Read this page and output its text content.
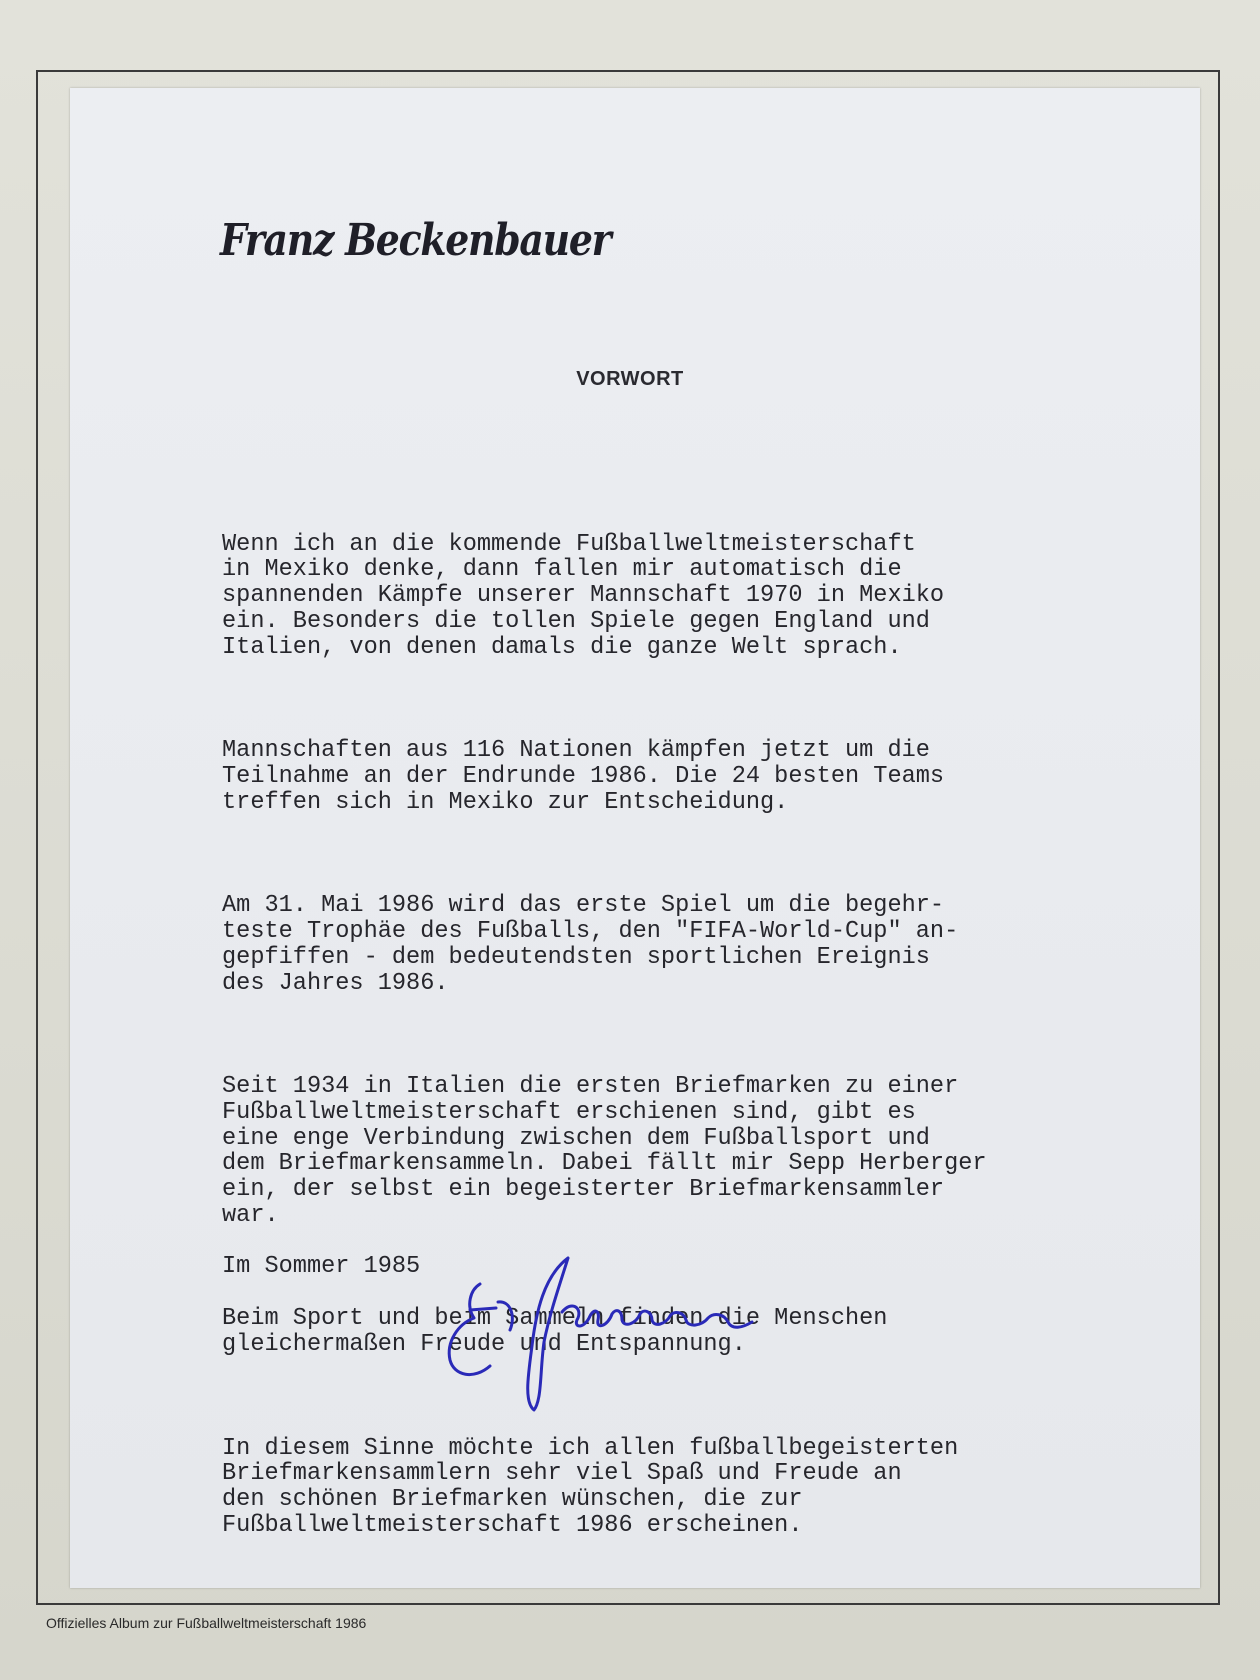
Franz Beckenbauer
VORWORT

Wenn ich an die kommende Fußballweltmeisterschaft
in Mexiko denke, dann fallen mir automatisch die
spannenden Kämpfe unserer Mannschaft 1970 in Mexiko
ein. Besonders die tollen Spiele gegen England und
Italien, von denen damals die ganze Welt sprach.

Mannschaften aus 116 Nationen kämpfen jetzt um die
Teilnahme an der Endrunde 1986. Die 24 besten Teams
treffen sich in Mexiko zur Entscheidung.

Am 31. Mai 1986 wird das erste Spiel um die begehr-
teste Trophäe des Fußballs, den "FIFA-World-Cup" an-
gepfiffen - dem bedeutendsten sportlichen Ereignis
des Jahres 1986.

Seit 1934 in Italien die ersten Briefmarken zu einer
Fußballweltmeisterschaft erschienen sind, gibt es
eine enge Verbindung zwischen dem Fußballsport und
dem Briefmarkensammeln. Dabei fällt mir Sepp Herberger
ein, der selbst ein begeisterter Briefmarkensammler
war.

Beim Sport und beim Sammeln finden die Menschen
gleichermaßen Freude und Entspannung.

In diesem Sinne möchte ich allen fußballbegeisterten
Briefmarkensammlern sehr viel Spaß und Freude an
den schönen Briefmarken wünschen, die zur
Fußballweltmeisterschaft 1986 erscheinen.

Im Sommer 1985
Offizielles Album zur Fußballweltmeisterschaft 1986
